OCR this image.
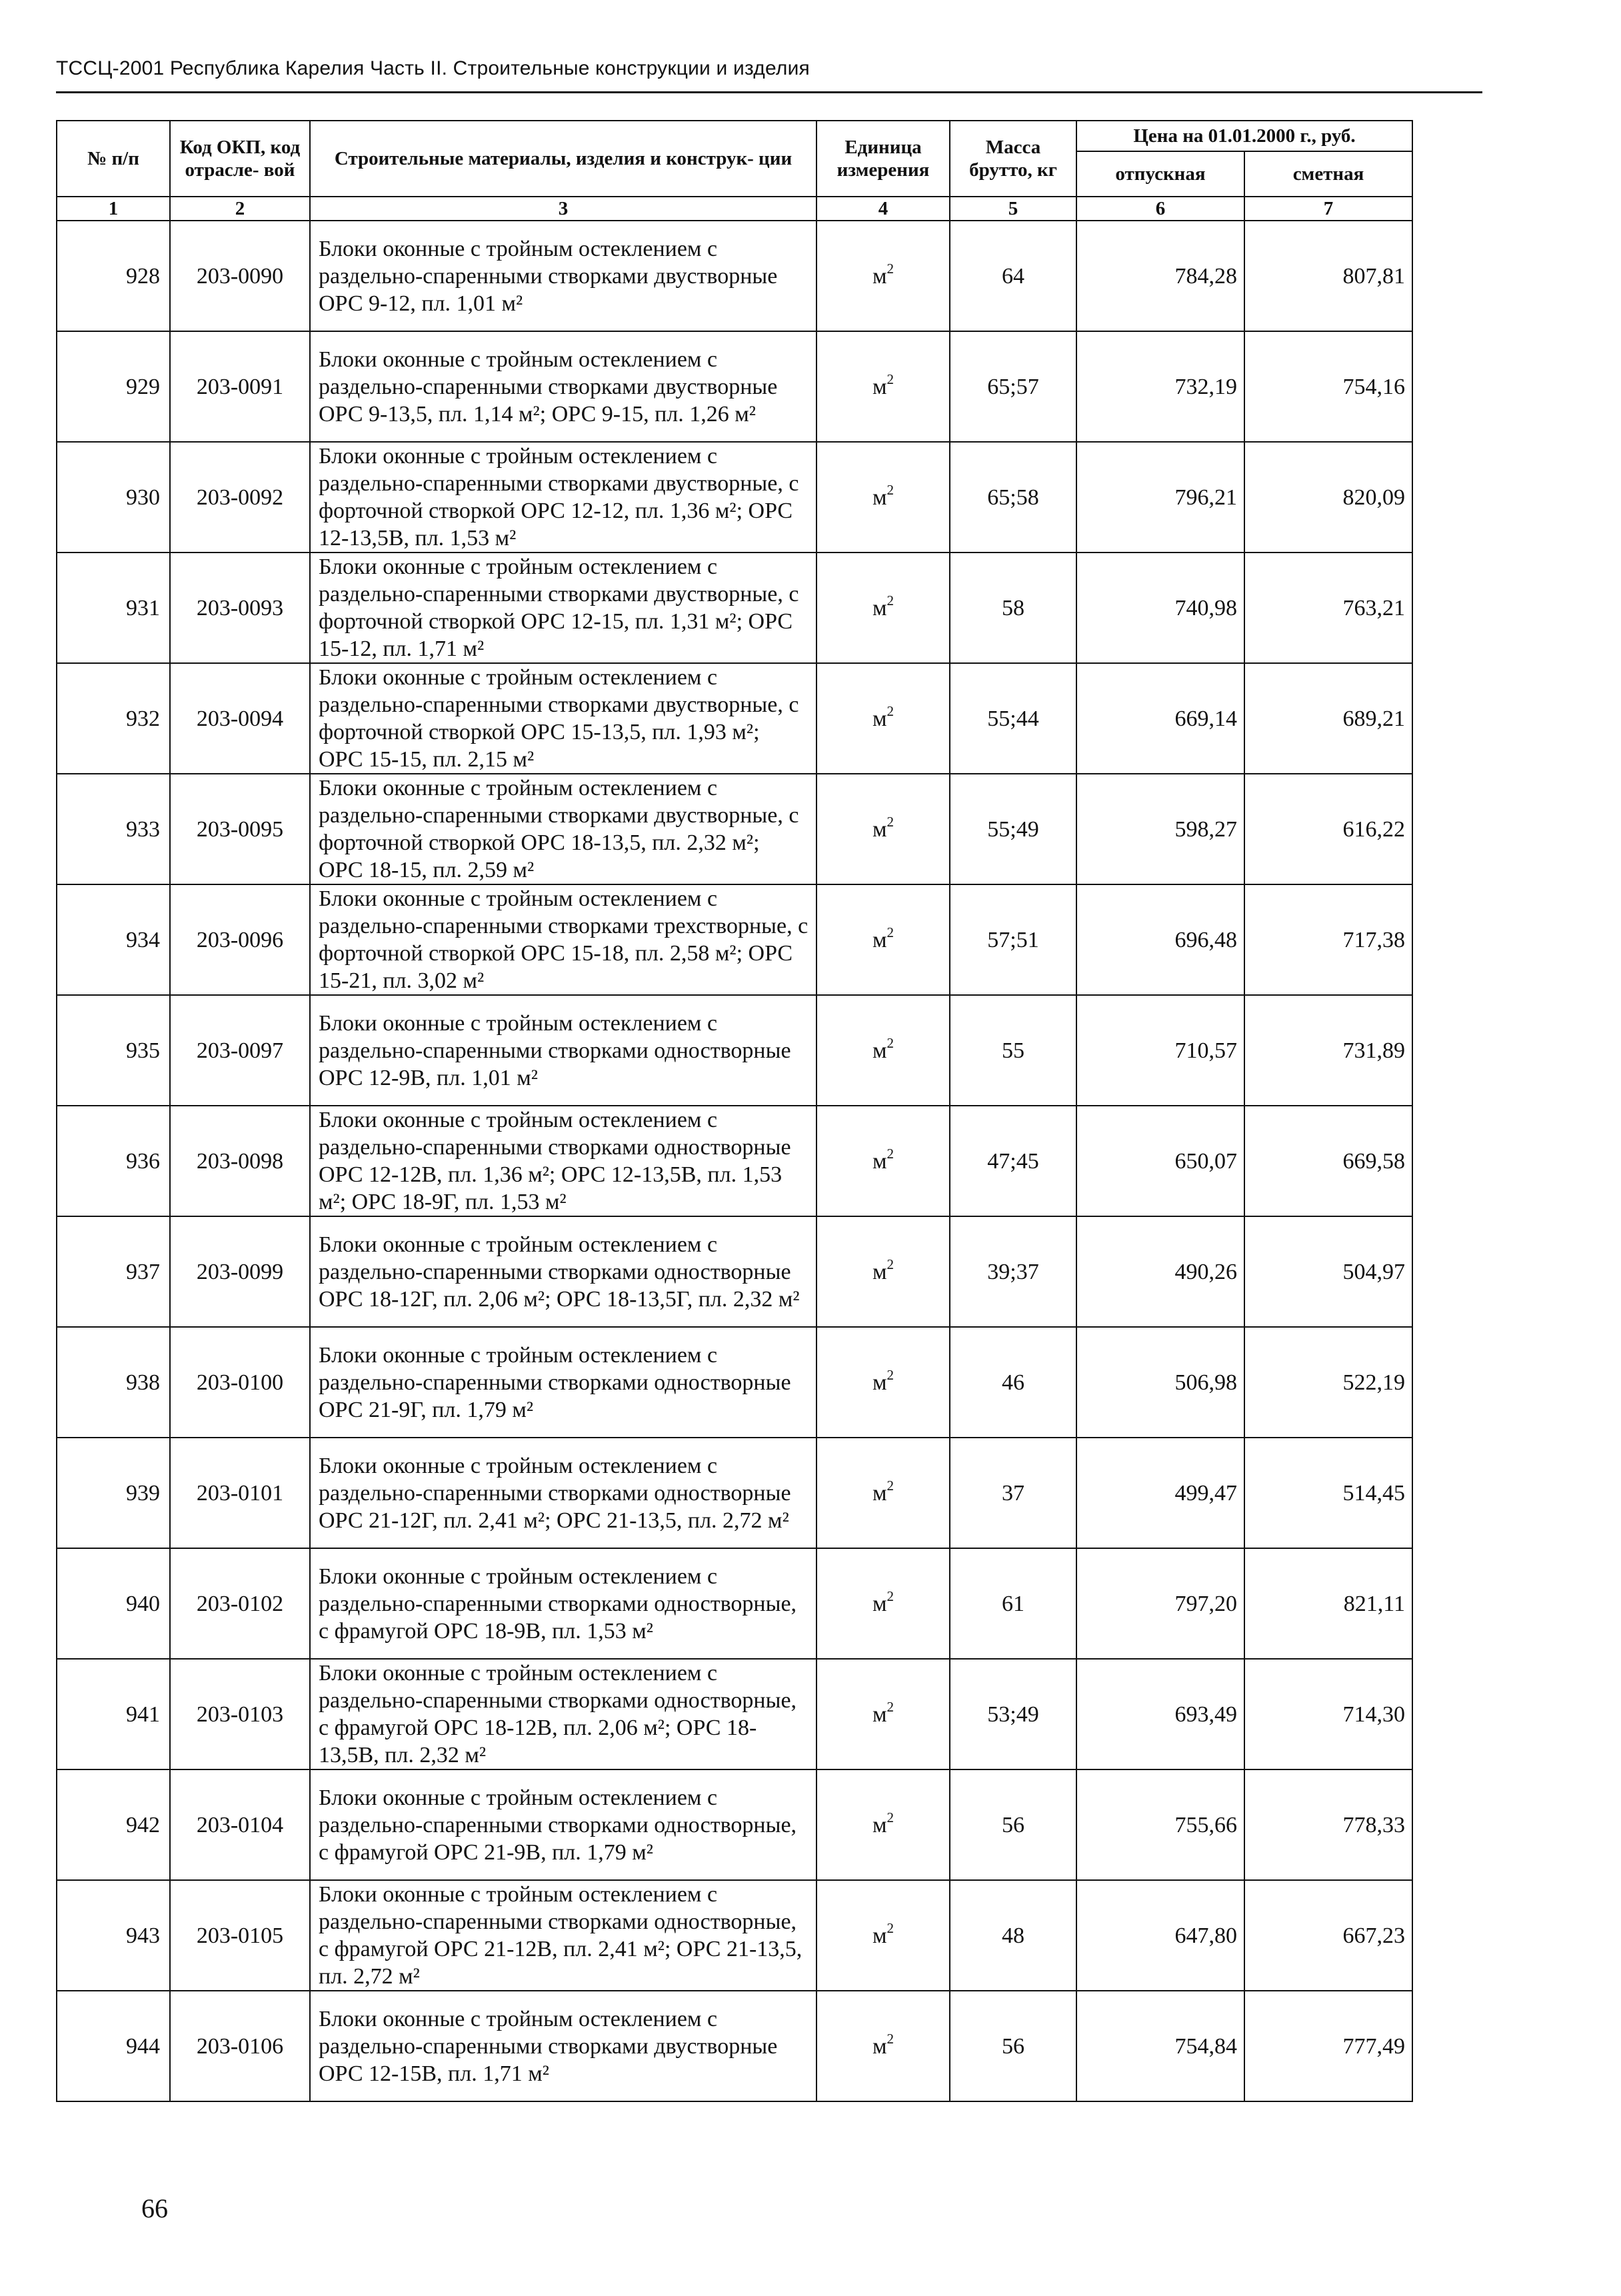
ТССЦ-2001 Республика Карелия Часть II. Строительные конструкции и изделия
№ п/п	Код ОКП, код отрасле- вой	Строительные материалы, изделия и конструк- ции	Единица измерения	Масса брутто, кг	Цена на 01.01.2000 г., руб.	
					отпускная	сметная
1	2	3	4	5	6	7
928	203-0090	Блоки оконные с тройным остеклением с раздельно-спаренными створками двустворные ОРС 9-12, пл. 1,01 м²	$м^2$	64	784,28	807,81
929	203-0091	Блоки оконные с тройным остеклением с раздельно-спаренными створками двустворные ОРС 9-13,5, пл. 1,14 м²; ОРС 9-15, пл. 1,26 м²	$м^2$	65;57	732,19	754,16
930	203-0092	Блоки оконные с тройным остеклением с раздельно-спаренными створками двустворные, с форточной створкой ОРС 12-12, пл. 1,36 м²; ОРС 12-13,5В, пл. 1,53 м²	$м^2$	65;58	796,21	820,09
931	203-0093	Блоки оконные с тройным остеклением с раздельно-спаренными створками двустворные, с форточной створкой ОРС 12-15, пл. 1,31 м²; ОРС 15-12, пл. 1,71 м²	$м^2$	58	740,98	763,21
932	203-0094	Блоки оконные с тройным остеклением с раздельно-спаренными створками двустворные, с форточной створкой ОРС 15-13,5, пл. 1,93 м²; ОРС 15-15, пл. 2,15 м²	$м^2$	55;44	669,14	689,21
933	203-0095	Блоки оконные с тройным остеклением с раздельно-спаренными створками двустворные, с форточной створкой ОРС 18-13,5, пл. 2,32 м²; ОРС 18-15, пл. 2,59 м²	$м^2$	55;49	598,27	616,22
934	203-0096	Блоки оконные с тройным остеклением с раздельно-спаренными створками трехстворные, с форточной створкой ОРС 15-18, пл. 2,58 м²; ОРС 15-21, пл. 3,02 м²	$м^2$	57;51	696,48	717,38
935	203-0097	Блоки оконные с тройным остеклением с раздельно-спаренными створками одностворные ОРС 12-9В, пл. 1,01 м²	$м^2$	55	710,57	731,89
936	203-0098	Блоки оконные с тройным остеклением с раздельно-спаренными створками одностворные ОРС 12-12В, пл. 1,36 м²; ОРС 12-13,5В, пл. 1,53 м²; ОРС 18-9Г, пл. 1,53 м²	$м^2$	47;45	650,07	669,58
937	203-0099	Блоки оконные с тройным остеклением с раздельно-спаренными створками одностворные ОРС 18-12Г, пл. 2,06 м²; ОРС 18-13,5Г, пл. 2,32 м²	$м^2$	39;37	490,26	504,97
938	203-0100	Блоки оконные с тройным остеклением с раздельно-спаренными створками одностворные ОРС 21-9Г, пл. 1,79 м²	$м^2$	46	506,98	522,19
939	203-0101	Блоки оконные с тройным остеклением с раздельно-спаренными створками одностворные ОРС 21-12Г, пл. 2,41 м²; ОРС 21-13,5, пл. 2,72 м²	$м^2$	37	499,47	514,45
940	203-0102	Блоки оконные с тройным остеклением с раздельно-спаренными створками одностворные, с фрамугой ОРС 18-9В, пл. 1,53 м²	$м^2$	61	797,20	821,11
941	203-0103	Блоки оконные с тройным остеклением с раздельно-спаренными створками одностворные, с фрамугой ОРС 18-12В, пл. 2,06 м²; ОРС 18-13,5В, пл. 2,32 м²	$м^2$	53;49	693,49	714,30
942	203-0104	Блоки оконные с тройным остеклением с раздельно-спаренными створками одностворные, с фрамугой ОРС 21-9В, пл. 1,79 м²	$м^2$	56	755,66	778,33
943	203-0105	Блоки оконные с тройным остеклением с раздельно-спаренными створками одностворные, с фрамугой ОРС 21-12В, пл. 2,41 м²; ОРС 21-13,5, пл. 2,72 м²	$м^2$	48	647,80	667,23
944	203-0106	Блоки оконные с тройным остеклением с раздельно-спаренными створками двустворные ОРС 12-15В, пл. 1,71 м²	$м^2$	56	754,84	777,49
66
